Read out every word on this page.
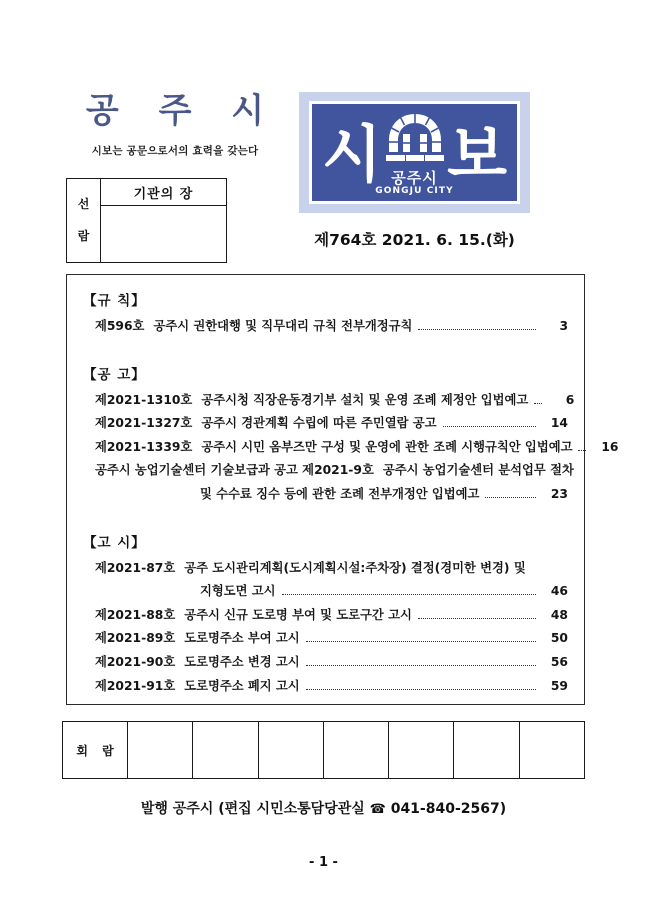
공 주 시
시보는 공문으로서의 효력을 갖는다
선
람
	기관의 장

시 보
공주시
GONGJU CITY
제764호 2021. 6. 15.(화)
【규 칙】
제596호 공주시 권한대행 및 직무대리 규칙 전부개정규칙	3
【공 고】
제2021-1310호 공주시청 직장운동경기부 설치 및 운영 조례 제정안 입법예고	6
제2021-1327호 공주시 경관계획 수립에 따른 주민열람 공고	14
제2021-1339호 공주시 시민 옴부즈만 구성 및 운영에 관한 조례 시행규칙안 입법예고	16
공주시 농업기술센터 기술보급과 공고 제2021-9호 공주시 농업기술센터 분석업무 절차
및 수수료 징수 등에 관한 조례 전부개정안 입법예고	23
【고 시】
제2021-87호 공주 도시관리계획(도시계획시설:주차장) 결정(경미한 변경) 및
지형도면 고시	46
제2021-88호 공주시 신규 도로명 부여 및 도로구간 고시	48
제2021-89호 도로명주소 부여 고시	50
제2021-90호 도로명주소 변경 고시	56
제2021-91호 도로명주소 폐지 고시	59
회 람							
발행 공주시 (편집 시민소통담당관실 ☎ 041-840-2567)
- 1 -
